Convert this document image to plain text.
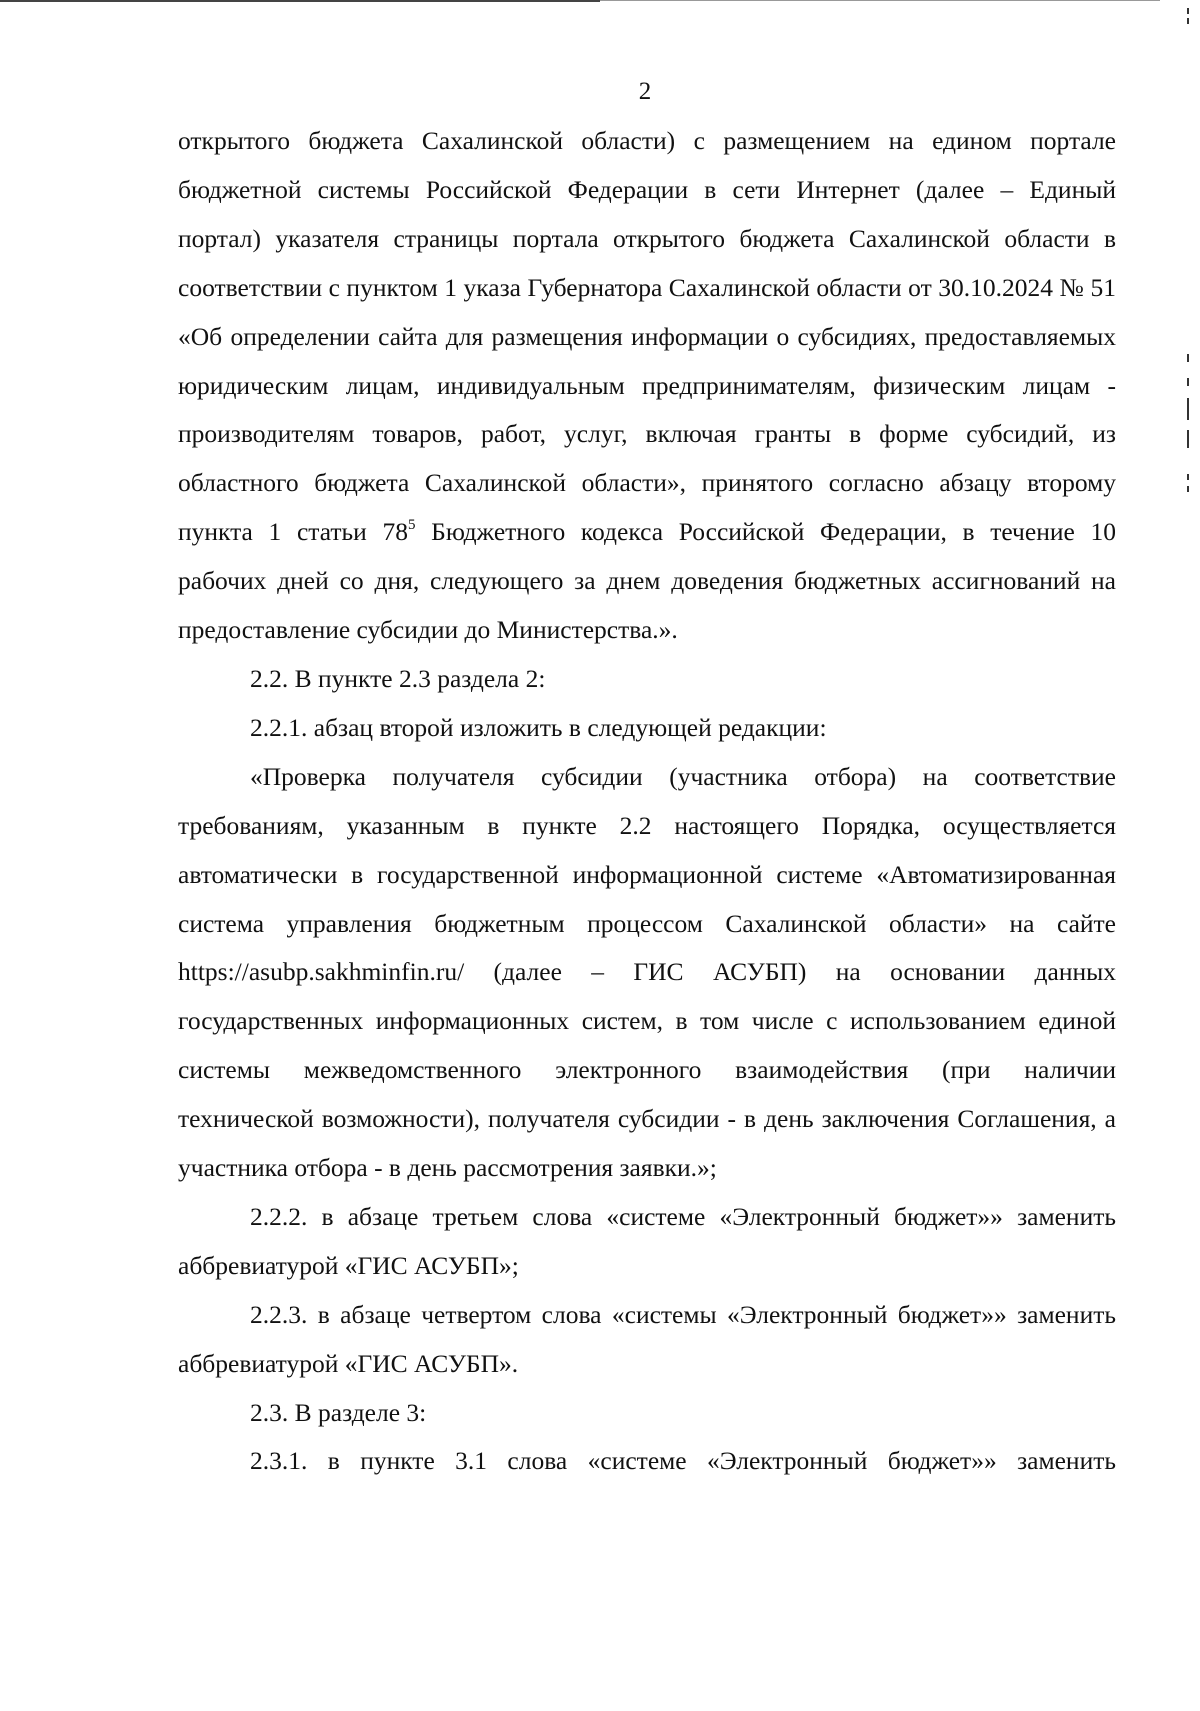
2

открытого бюджета Сахалинской области) с размещением на едином портале бюджетной системы Российской Федерации в сети Интернет (далее – Единый портал) указателя страницы портала открытого бюджета Сахалинской области в соответствии с пунктом 1 указа Губернатора Сахалинской области от 30.10.2024 № 51 «Об определении сайта для размещения информации о субсидиях, предоставляемых юридическим лицам, индивидуальным предпринимателям, физическим лицам - производителям товаров, работ, услуг, включая гранты в форме субсидий, из областного бюджета Сахалинской области», принятого согласно абзацу второму пункта 1 статьи $78^5$ Бюджетного кодекса Российской Федерации, в течение 10 рабочих дней со дня, следующего за днем доведения бюджетных ассигнований на предоставление субсидии до Министерства.».

2.2. В пункте 2.3 раздела 2:

2.2.1. абзац второй изложить в следующей редакции:

«Проверка получателя субсидии (участника отбора) на соответствие требованиям, указанным в пункте 2.2 настоящего Порядка, осуществляется автоматически в государственной информационной системе «Автоматизированная система управления бюджетным процессом Сахалинской области» на сайте https://asubp.sakhminfin.ru/ (далее – ГИС АСУБП) на основании данных государственных информационных систем, в том числе с использованием единой системы межведомственного электронного взаимодействия (при наличии технической возможности), получателя субсидии - в день заключения Соглашения, а участника отбора - в день рассмотрения заявки.»;

2.2.2. в абзаце третьем слова «системе «Электронный бюджет»» заменить аббревиатурой «ГИС АСУБП»;

2.2.3. в абзаце четвертом слова «системы «Электронный бюджет»» заменить аббревиатурой «ГИС АСУБП».

2.3. В разделе 3:

2.3.1. в пункте 3.1 слова «системе «Электронный бюджет»» заменить
